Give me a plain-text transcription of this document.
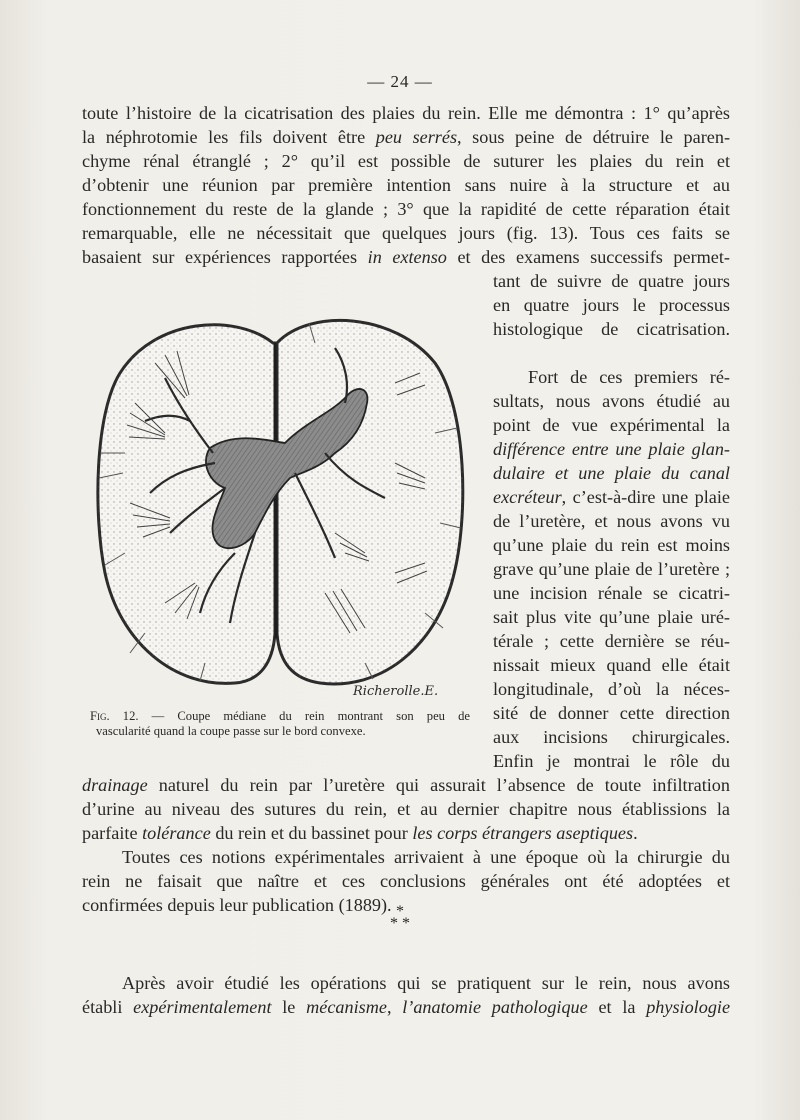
— 24 —
toute l’histoire de la cicatrisation des plaies du rein. Elle me démontra : 1° qu’après
la néphrotomie les fils doivent être peu serrés, sous peine de détruire le paren-
chyme rénal étranglé ; 2° qu’il est possible de suturer les plaies du rein et
d’obtenir une réunion par première intention sans nuire à la structure et au
fonctionnement du reste de la glande ; 3° que la rapidité de cette réparation était
remarquable, elle ne nécessitait que quelques jours (fig. 13). Tous ces faits se
basaient sur expériences rapportées in extenso et des examens successifs permet-
tant de suivre de quatre jours
en quatre jours le processus
histologique de cicatrisation.
Fort de ces premiers ré-
sultats, nous avons étudié au
point de vue expérimental la
différence entre une plaie glan-
dulaire et une plaie du canal
excréteur, c’est-à-dire une plaie
de l’uretère, et nous avons vu
qu’une plaie du rein est moins
grave qu’une plaie de l’uretère ;
une incision rénale se cicatri-
sait plus vite qu’une plaie uré-
térale ; cette dernière se réu-
nissait mieux quand elle était
longitudinale, d’où la néces-
sité de donner cette direction
aux incisions chirurgicales.
Enfin je montrai le rôle du
drainage naturel du rein par l’uretère qui assurait l’absence de toute infiltration
d’urine au niveau des sutures du rein, et au dernier chapitre nous établissions la
parfaite tolérance du rein et du bassinet pour les corps étrangers aseptiques.
Toutes ces notions expérimentales arrivaient à une époque où la chirurgie du
rein ne faisait que naître et ces conclusions générales ont été adoptées et
confirmées depuis leur publication (1889). *
* *
Après avoir étudié les opérations qui se pratiquent sur le rein, nous avons
établi expérimentalement le mécanisme, l’anatomie pathologique et la physiologie
Richerolle.E.
Fig. 12. — Coupe médiane du rein montrant son peu de
vascularité quand la coupe passe sur le bord convexe.
